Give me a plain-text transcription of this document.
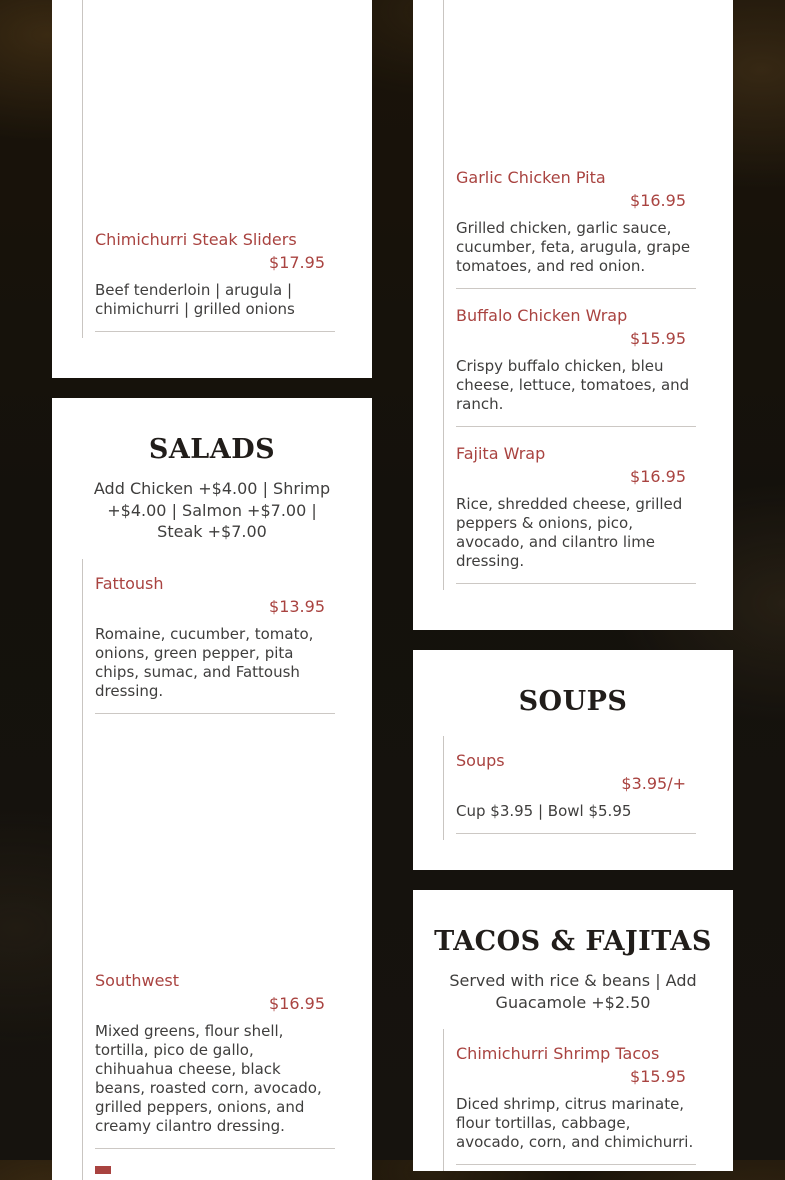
Chimichurri Steak Sliders
$17.95

Beef tenderloin | arugula | chimichurri | grilled onions

SALADS

Add Chicken +$4.00 | Shrimp +$4.00 | Salmon +$7.00 | Steak +$7.00

Fattoush
$13.95

Romaine, cucumber, tomato, onions, green pepper, pita chips, sumac, and Fattoush dressing.

Southwest
$16.95

Mixed greens, flour shell, tortilla, pico de gallo, chihuahua cheese, black beans, roasted corn, avocado, grilled peppers, onions, and creamy cilantro dressing.

Garlic Chicken Pita
$16.95

Grilled chicken, garlic sauce, cucumber, feta, arugula, grape tomatoes, and red onion.

Buffalo Chicken Wrap
$15.95

Crispy buffalo chicken, bleu cheese, lettuce, tomatoes, and ranch.

Fajita Wrap
$16.95

Rice, shredded cheese, grilled peppers & onions, pico, avocado, and cilantro lime dressing.

SOUPS
Soups
$3.95/+

Cup $3.95 | Bowl $5.95

TACOS & FAJITAS

Served with rice & beans | Add Guacamole +$2.50

Chimichurri Shrimp Tacos
$15.95

Diced shrimp, citrus marinate, flour tortillas, cabbage, avocado, corn, and chimichurri.
